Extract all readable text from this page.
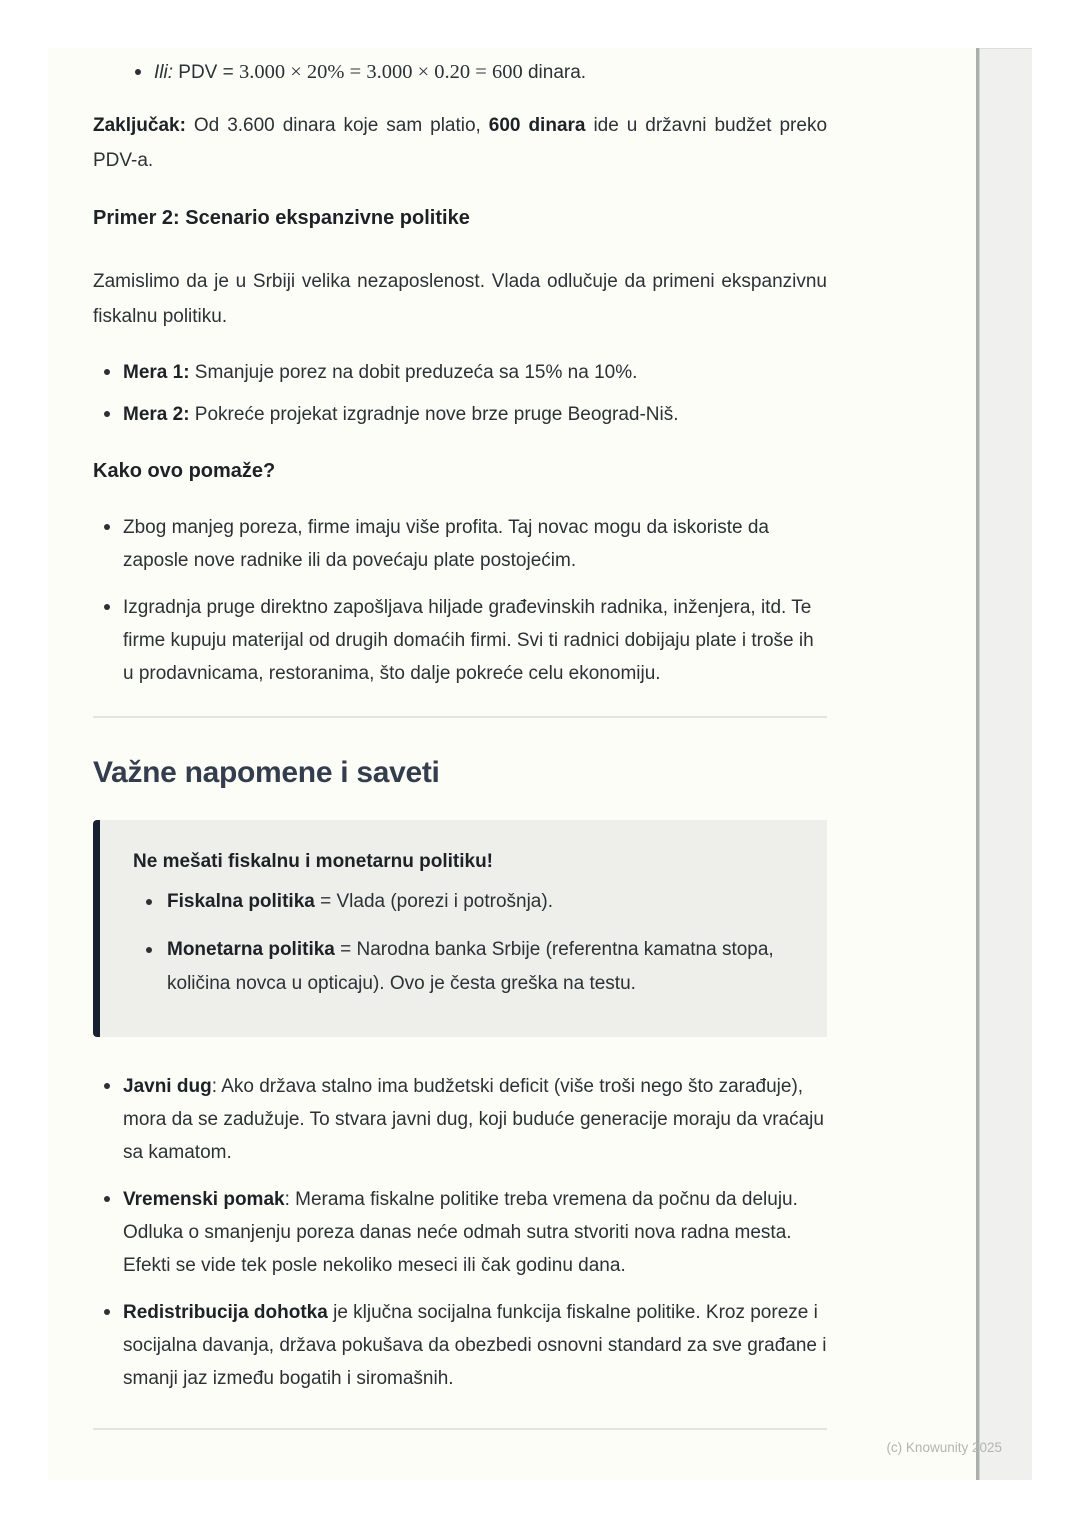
Ili: PDV = 3.000 × 20% = 3.000 × 0.20 = 600 dinara.

Zaključak: Od 3.600 dinara koje sam platio, 600 dinara ide u državni budžet preko PDV-a.

Primer 2: Scenario ekspanzivne politike

Zamislimo da je u Srbiji velika nezaposlenost. Vlada odlučuje da primeni ekspanzivnu fiskalnu politiku.

Mera 1: Smanjuje porez na dobit preduzeća sa 15% na 10%.
Mera 2: Pokreće projekat izgradnje nove brze pruge Beograd-Niš.
Kako ovo pomaže?
Zbog manjeg poreza, firme imaju više profita. Taj novac mogu da iskoriste da zaposle nove radnike ili da povećaju plate postojećim.
Izgradnja pruge direktno zapošljava hiljade građevinskih radnika, inženjera, itd. Te firme kupuju materijal od drugih domaćih firmi. Svi ti radnici dobijaju plate i troše ih u prodavnicama, restoranima, što dalje pokreće celu ekonomiju.
Važne napomene i saveti

Ne mešati fiskalnu i monetarnu politiku!

Fiskalna politika = Vlada (porezi i potrošnja).
Monetarna politika = Narodna banka Srbije (referentna kamatna stopa, količina novca u opticaju). Ovo je česta greška na testu.
Javni dug: Ako država stalno ima budžetski deficit (više troši nego što zarađuje), mora da se zadužuje. To stvara javni dug, koji buduće generacije moraju da vraćaju sa kamatom.
Vremenski pomak: Merama fiskalne politike treba vremena da počnu da deluju. Odluka o smanjenju poreza danas neće odmah sutra stvoriti nova radna mesta. Efekti se vide tek posle nekoliko meseci ili čak godinu dana.
Redistribucija dohotka je ključna socijalna funkcija fiskalne politike. Kroz poreze i socijalna davanja, država pokušava da obezbedi osnovni standard za sve građane i smanji jaz između bogatih i siromašnih.
(c) Knowunity 2025
